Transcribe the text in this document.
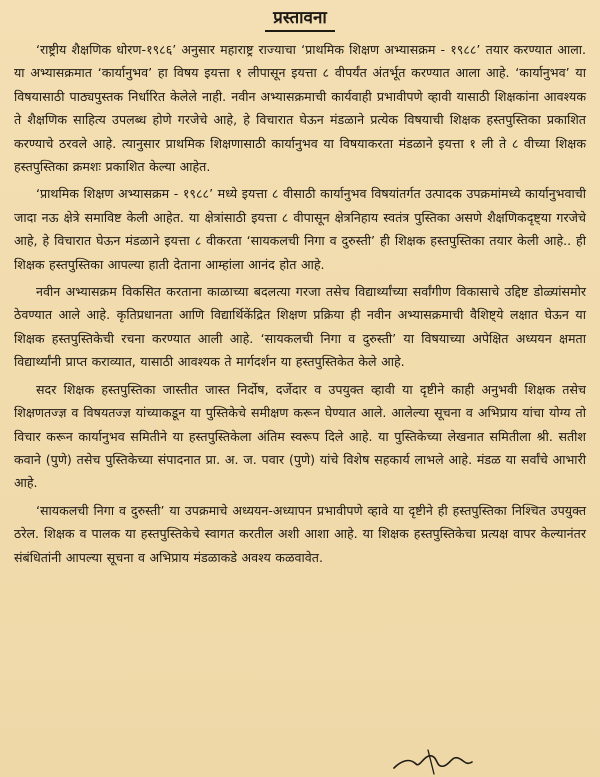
प्रस्तावना

‘राष्ट्रीय शैक्षणिक धोरण-१९८६’ अनुसार महाराष्ट्र राज्याचा ‘प्राथमिक शिक्षण अभ्यासक्रम - १९८८’ तयार करण्यात आला. या अभ्यासक्रमात ‘कार्यानुभव’ हा विषय इयत्ता १ लीपासून इयत्ता ८ वीपर्यंत अंतर्भूत करण्यात आला आहे. ‘कार्यानुभव’ या विषयासाठी पाठ्यपुस्तक निर्धारित केलेले नाही. नवीन अभ्यासक्रमाची कार्यवाही प्रभावीपणे व्हावी यासाठी शिक्षकांना आवश्यक ते शैक्षणिक साहित्य उपलब्ध होणे गरजेचे आहे, हे विचारात घेऊन मंडळाने प्रत्येक विषयाची शिक्षक हस्तपुस्तिका प्रकाशित करण्याचे ठरवले आहे. त्यानुसार प्राथमिक शिक्षणासाठी कार्यानुभव या विषयाकरता मंडळाने इयत्ता १ ली ते ८ वीच्या शिक्षक हस्तपुस्तिका क्रमशः प्रकाशित केल्या आहेत.

‘प्राथमिक शिक्षण अभ्यासक्रम - १९८८’ मध्ये इयत्ता ८ वीसाठी कार्यानुभव विषयांतर्गत उत्पादक उपक्रमांमध्ये कार्यानुभवाची जादा नऊ क्षेत्रे समाविष्ट केली आहेत. या क्षेत्रांसाठी इयत्ता ८ वीपासून क्षेत्रनिहाय स्वतंत्र पुस्तिका असणे शैक्षणिकदृष्ट्या गरजेचे आहे, हे विचारात घेऊन मंडळाने इयत्ता ८ वीकरता ‘सायकलची निगा व दुरुस्ती’ ही शिक्षक हस्तपुस्तिका तयार केली आहे.. ही शिक्षक हस्तपुस्तिका आपल्या हाती देताना आम्हांला आनंद होत आहे.

नवीन अभ्यासक्रम विकसित करताना काळाच्या बदलत्या गरजा तसेच विद्यार्थ्यांच्या सर्वांगीण विकासाचे उद्दिष्ट डोळ्यांसमोर ठेवण्यात आले आहे. कृतिप्रधानता आणि विद्यार्थिकेंद्रित शिक्षण प्रक्रिया ही नवीन अभ्यासक्रमाची वैशिष्ट्ये लक्षात घेऊन या शिक्षक हस्तपुस्तिकेची रचना करण्यात आली आहे. ‘सायकलची निगा व दुरुस्ती’ या विषयाच्या अपेक्षित अध्ययन क्षमता विद्यार्थ्यांनी प्राप्त कराव्यात, यासाठी आवश्यक ते मार्गदर्शन या हस्तपुस्तिकेत केले आहे.

सदर शिक्षक हस्तपुस्तिका जास्तीत जास्त निर्दोष, दर्जेदार व उपयुक्त व्हावी या दृष्टीने काही अनुभवी शिक्षक तसेच शिक्षणतज्ज्ञ व विषयतज्ज्ञ यांच्याकडून या पुस्तिकेचे समीक्षण करून घेण्यात आले. आलेल्या सूचना व अभिप्राय यांचा योग्य तो विचार करून कार्यानुभव समितीने या हस्तपुस्तिकेला अंतिम स्वरूप दिले आहे. या पुस्तिकेच्या लेखनात समितीला श्री. सतीश कवाने (पुणे) तसेच पुस्तिकेच्या संपादनात प्रा. अ. ज. पवार (पुणे) यांचे विशेष सहकार्य लाभले आहे. मंडळ या सर्वांचे आभारी आहे.

‘सायकलची निगा व दुरुस्ती’ या उपक्रमाचे अध्ययन-अध्यापन प्रभावीपणे व्हावे या दृष्टीने ही हस्तपुस्तिका निश्चित उपयुक्त ठरेल. शिक्षक व पालक या हस्तपुस्तिकेचे स्वागत करतील अशी आशा आहे. या शिक्षक हस्तपुस्तिकेचा प्रत्यक्ष वापर केल्यानंतर संबंधितांनी आपल्या सूचना व अभिप्राय मंडळाकडे अवश्य कळवावेत.
